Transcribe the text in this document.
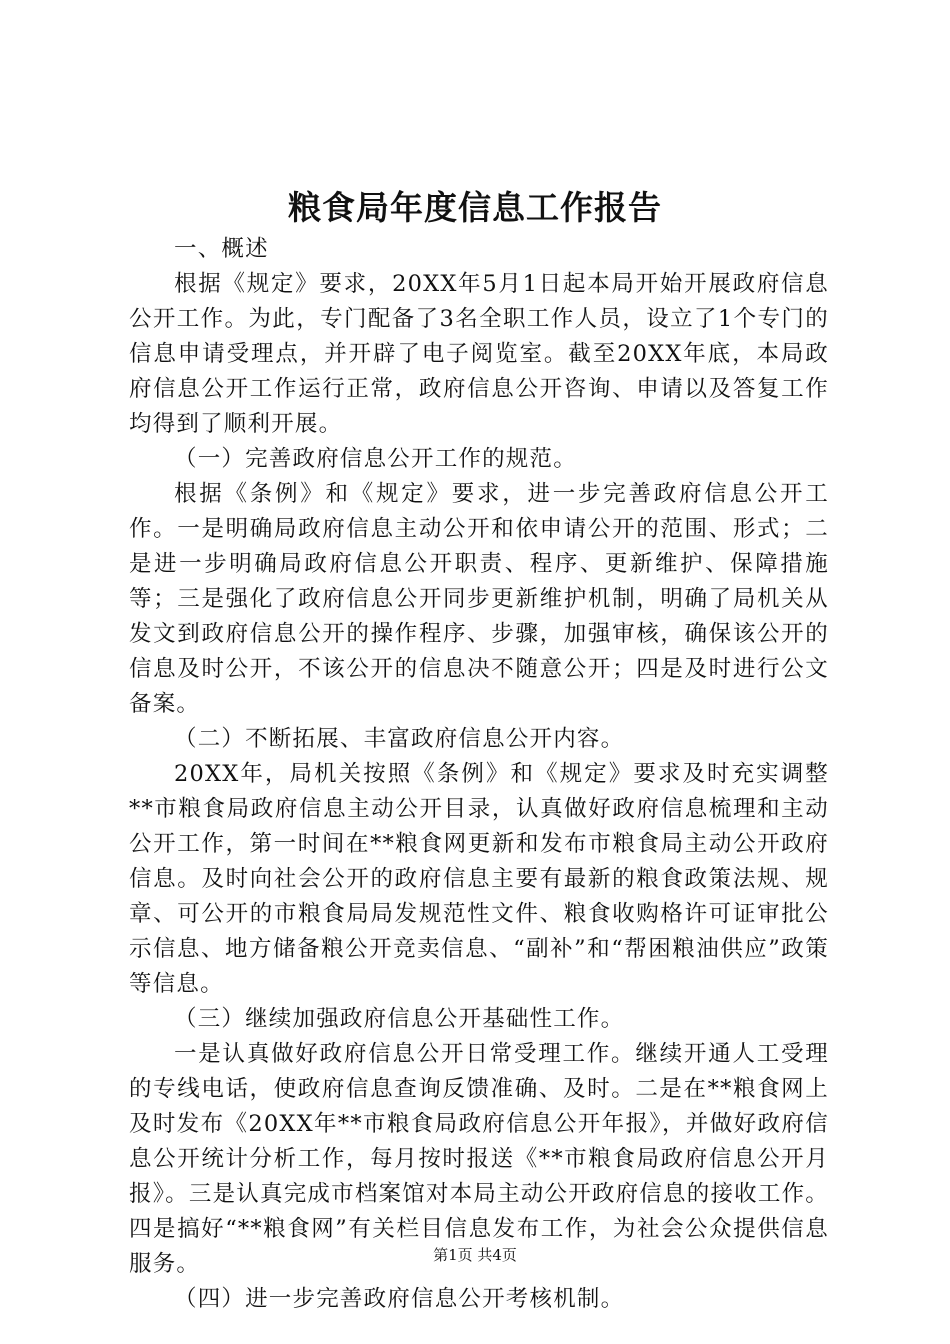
粮食局年度信息工作报告

一、概述

根据《规定》要求，20XX年5月1日起本局开始开展政府信息公开工作。为此，专门配备了3名全职工作人员，设立了1个专门的信息申请受理点，并开辟了电子阅览室。截至20XX年底，本局政府信息公开工作运行正常，政府信息公开咨询、申请以及答复工作均得到了顺利开展。

（一）完善政府信息公开工作的规范。

根据《条例》和《规定》要求，进一步完善政府信息公开工作。一是明确局政府信息主动公开和依申请公开的范围、形式；二是进一步明确局政府信息公开职责、程序、更新维护、保障措施等；三是强化了政府信息公开同步更新维护机制，明确了局机关从发文到政府信息公开的操作程序、步骤，加强审核，确保该公开的信息及时公开，不该公开的信息决不随意公开；四是及时进行公文备案。

（二）不断拓展、丰富政府信息公开内容。

20XX年，局机关按照《条例》和《规定》要求及时充实调整**市粮食局政府信息主动公开目录，认真做好政府信息梳理和主动公开工作，第一时间在**粮食网更新和发布市粮食局主动公开政府信息。及时向社会公开的政府信息主要有最新的粮食政策法规、规章、可公开的市粮食局局发规范性文件、粮食收购格许可证审批公示信息、地方储备粮公开竞卖信息、“副补”和“帮困粮油供应”政策等信息。

（三）继续加强政府信息公开基础性工作。

一是认真做好政府信息公开日常受理工作。继续开通人工受理的专线电话，使政府信息查询反馈准确、及时。二是在**粮食网上及时发布《20XX年**市粮食局政府信息公开年报》，并做好政府信息公开统计分析工作，每月按时报送《**市粮食局政府信息公开月报》。三是认真完成市档案馆对本局主动公开政府信息的接收工作。四是搞好“**粮食网”有关栏目信息发布工作，为社会公众提供信息服务。

（四）进一步完善政府信息公开考核机制。

第1页 共4页
